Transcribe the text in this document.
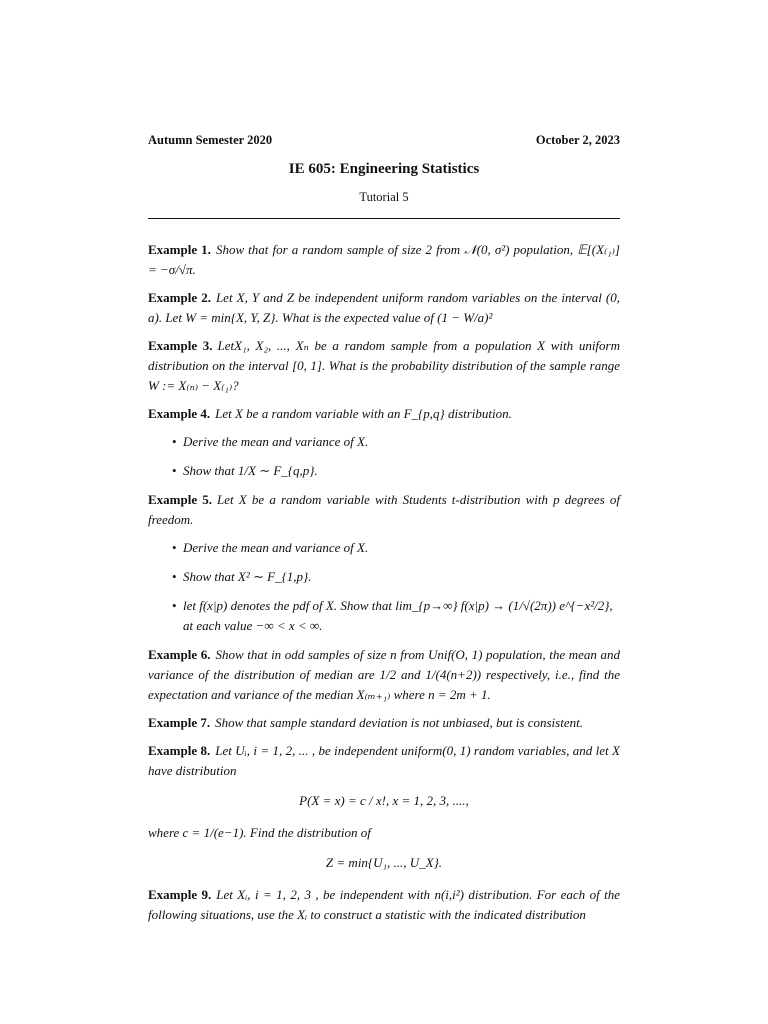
Autumn Semester 2020	October 2, 2023
IE 605: Engineering Statistics
Tutorial 5

Example 1. Show that for a random sample of size 2 from 𝒩(0, σ²) population, 𝔼[(X₍₁₎] = −σ/√π.

Example 2. Let X, Y and Z be independent uniform random variables on the interval (0, a). Let W = min{X, Y, Z}. What is the expected value of (1 − W/a)²

Example 3. LetX₁, X₂, ..., Xₙ be a random sample from a population X with uniform distribution on the interval [0, 1]. What is the probability distribution of the sample range W := X₍ₙ₎ − X₍₁₎?

Example 4. Let X be a random variable with an F_{p,q} distribution.

• Derive the mean and variance of X.
• Show that 1/X ∼ F_{q,p}.

Example 5. Let X be a random variable with Students t-distribution with p degrees of freedom.

• Derive the mean and variance of X.
• Show that X² ∼ F_{1,p}.
• let f(x|p) denotes the pdf of X. Show that lim_{p→∞} f(x|p) → (1/√(2π)) e^{−x²/2}, at each value −∞ < x < ∞.

Example 6. Show that in odd samples of size n from Unif(O, 1) population, the mean and variance of the distribution of median are 1/2 and 1/(4(n+2)) respectively, i.e., find the expectation and variance of the median X₍ₘ₊₁₎ where n = 2m + 1.

Example 7. Show that sample standard deviation is not unbiased, but is consistent.

Example 8. Let Uᵢ, i = 1, 2, ... , be independent uniform(0, 1) random variables, and let X have distribution

P(X = x) = c / x!, x = 1, 2, 3, ....,

where c = 1/(e−1). Find the distribution of

Z = min{U₁, ..., U_X}.

Example 9. Let Xᵢ, i = 1, 2, 3 , be independent with n(i,i²) distribution. For each of the following situations, use the Xᵢ to construct a statistic with the indicated distribution
